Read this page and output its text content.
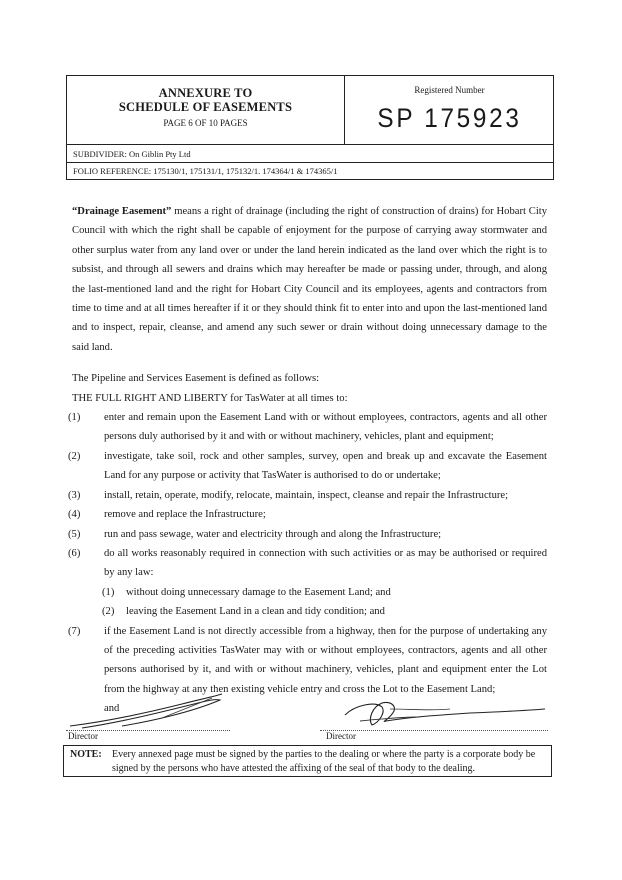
ANNEXURE TO
SCHEDULE OF EASEMENTS
PAGE 6 OF 10 PAGES
Registered Number
SP 175923
SUBDIVIDER: On Giblin Pty Ltd
FOLIO REFERENCE: 175130/1, 175131/1, 175132/1. 174364/1 & 174365/1

“Drainage Easement” means a right of drainage (including the right of construction of drains) for Hobart City Council with which the right shall be capable of enjoyment for the purpose of carrying away stormwater and other surplus water from any land over or under the land herein indicated as the land over which the right is to subsist, and through all sewers and drains which may hereafter be made or passing under, through, and along the last-mentioned land and the right for Hobart City Council and its employees, agents and contractors from time to time and at all times hereafter if it or they should think fit to enter into and upon the last-mentioned land and to inspect, repair, cleanse, and amend any such sewer or drain without doing unnecessary damage to the said land.

The Pipeline and Services Easement is defined as follows:

THE FULL RIGHT AND LIBERTY for TasWater at all times to:

(1) enter and remain upon the Easement Land with or without employees, contractors, agents and all other persons duly authorised by it and with or without machinery, vehicles, plant and equipment;

(2) investigate, take soil, rock and other samples, survey, open and break up and excavate the Easement Land for any purpose or activity that TasWater is authorised to do or undertake;

(3) install, retain, operate, modify, relocate, maintain, inspect, cleanse and repair the Infrastructure;

(4) remove and replace the Infrastructure;

(5) run and pass sewage, water and electricity through and along the Infrastructure;

(6) do all works reasonably required in connection with such activities or as may be authorised or required by any law:

(1) without doing unnecessary damage to the Easement Land; and

(2) leaving the Easement Land in a clean and tidy condition; and

(7) if the Easement Land is not directly accessible from a highway, then for the purpose of undertaking any of the preceding activities TasWater may with or without employees, contractors, agents and all other persons authorised by it, and with or without machinery, vehicles, plant and equipment enter the Lot from the highway at any then existing vehicle entry and cross the Lot to the Easement Land;

and

Director	Director
NOTE: Every annexed page must be signed by the parties to the dealing or where the party is a corporate body be signed by the persons who have attested the affixing of the seal of that body to the dealing.
